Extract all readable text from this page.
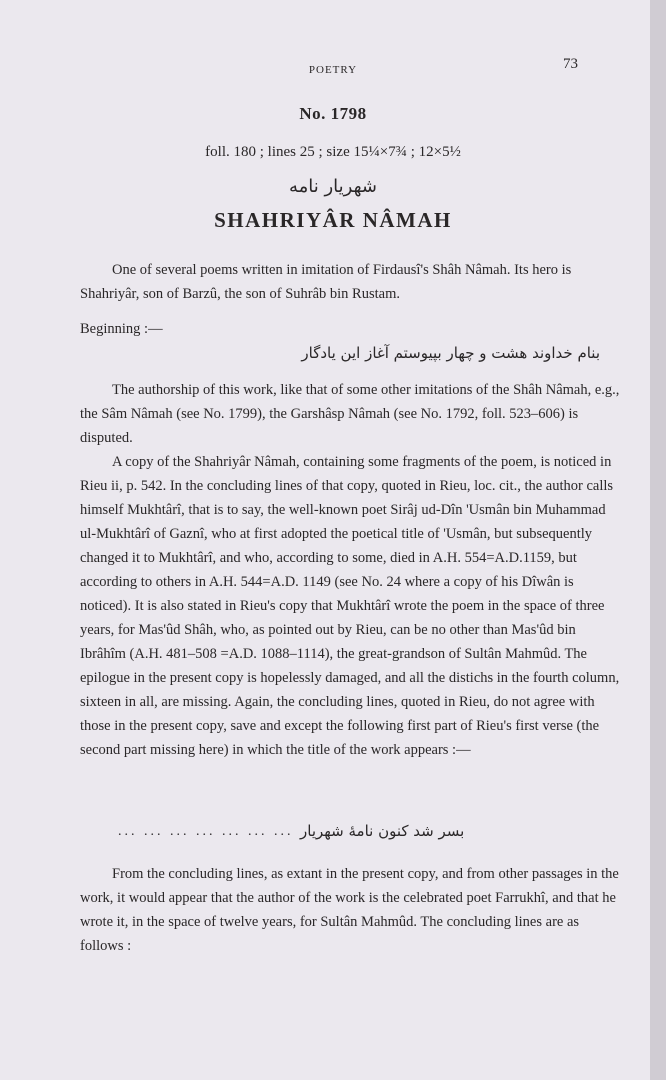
POETRY	73
No. 1798
foll. 180 ; lines 25 ; size 15¼×7¾ ; 12×5½
شهریار نامه
SHAHRIYÂR NÂMAH
One of several poems written in imitation of Firdausî's Shâh Nâmah. Its hero is Shahriyâr, son of Barzû, the son of Suhrâb bin Rustam.
Beginning :—
بنام خداوند هشت و چهار بپیوستم آغاز این یادگار
The authorship of this work, like that of some other imitations of the Shâh Nâmah, e.g., the Sâm Nâmah (see No. 1799), the Garshâsp Nâmah (see No. 1792, foll. 523–606) is disputed.
A copy of the Shahriyâr Nâmah, containing some fragments of the poem, is noticed in Rieu ii, p. 542. In the concluding lines of that copy, quoted in Rieu, loc. cit., the author calls himself Mukhtârî, that is to say, the well-known poet Sirâj ud-Dîn 'Usmân bin Muhammad ul-Mukhtârî of Gaznî, who at first adopted the poetical title of 'Usmân, but subsequently changed it to Mukhtârî, and who, according to some, died in A.H. 554=A.D.1159, but according to others in A.H. 544=A.D. 1149 (see No. 24 where a copy of his Dîwân is noticed). It is also stated in Rieu's copy that Mukhtârî wrote the poem in the space of three years, for Mas'ûd Shâh, who, as pointed out by Rieu, can be no other than Mas'ûd bin Ibrâhîm (A.H. 481–508 =A.D. 1088–1114), the great-grandson of Sultân Mahmûd. The epilogue in the present copy is hopelessly damaged, and all the distichs in the fourth column, sixteen in all, are missing. Again, the concluding lines, quoted in Rieu, do not agree with those in the present copy, save and except the following first part of Rieu's first verse (the second part missing here) in which the title of the work appears :—
... ... ... ... ... ... ... بسر شد کنون نامهٔ شهریار
From the concluding lines, as extant in the present copy, and from other passages in the work, it would appear that the author of the work is the celebrated poet Farrukhî, and that he wrote it, in the space of twelve years, for Sultân Mahmûd. The concluding lines are as follows :
